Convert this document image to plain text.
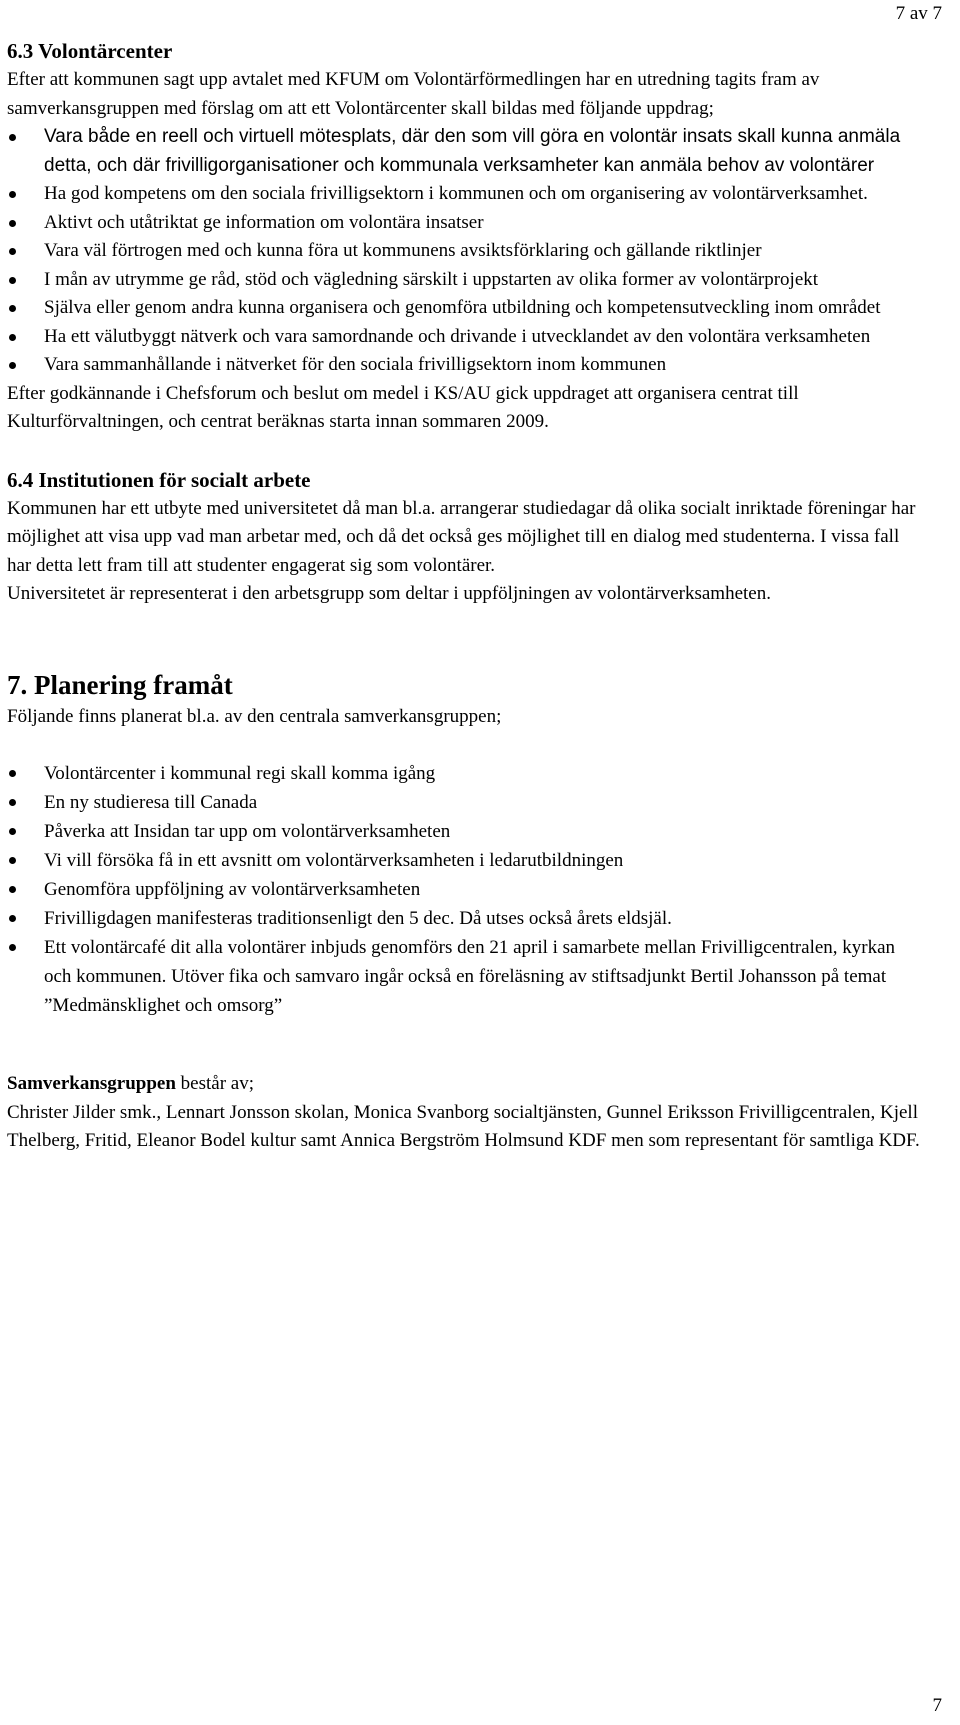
7 av 7
6.3 Volontärcenter

Efter att kommunen sagt upp avtalet med KFUM om Volontärförmedlingen har en utredning tagits fram av samverkansgruppen med förslag om att ett Volontärcenter skall bildas med följande uppdrag;

Vara både en reell och virtuell mötesplats, där den som vill göra en volontär insats skall kunna anmäla detta, och där frivilligorganisationer och kommunala verksamheter kan anmäla behov av volontärer
Ha god kompetens om den sociala frivilligsektorn i kommunen och om organisering av volontärverksamhet.
Aktivt och utåtriktat ge information om volontära insatser
Vara väl förtrogen med och kunna föra ut kommunens avsiktsförklaring och gällande riktlinjer
I mån av utrymme ge råd, stöd och vägledning särskilt i uppstarten av olika former av volontärprojekt
Själva eller genom andra kunna organisera och genomföra utbildning och kompetensutveckling inom området
Ha ett välutbyggt nätverk och vara samordnande och drivande i utvecklandet av den volontära verksamheten
Vara sammanhållande i nätverket för den sociala frivilligsektorn inom kommunen

Efter godkännande i Chefsforum och beslut om medel i KS/AU gick uppdraget att organisera centrat till Kulturförvaltningen, och centrat beräknas starta innan sommaren 2009.

6.4 Institutionen för socialt arbete

Kommunen har ett utbyte med universitetet då man bl.a. arrangerar studiedagar då olika socialt inriktade föreningar har möjlighet att visa upp vad man arbetar med, och då det också ges möjlighet till en dialog med studenterna. I vissa fall har detta lett fram till att studenter engagerat sig som volontärer.

Universitetet är representerat i den arbetsgrupp som deltar i uppföljningen av volontärverksamheten.

7. Planering framåt

Följande finns planerat bl.a. av den centrala samverkansgruppen;

Volontärcenter i kommunal regi skall komma igång
En ny studieresa till Canada
Påverka att Insidan tar upp om volontärverksamheten
Vi vill försöka få in ett avsnitt om volontärverksamheten i ledarutbildningen
Genomföra uppföljning av volontärverksamheten
Frivilligdagen manifesteras traditionsenligt den 5 dec. Då utses också årets eldsjäl.
Ett volontärcafé dit alla volontärer inbjuds genomförs den 21 april i samarbete mellan Frivilligcentralen, kyrkan och kommunen. Utöver fika och samvaro ingår också en föreläsning av stiftsadjunkt Bertil Johansson på temat ”Medmänsklighet och omsorg”

Samverkansgruppen består av;

Christer Jilder smk., Lennart Jonsson skolan, Monica Svanborg socialtjänsten, Gunnel Eriksson Frivilligcentralen, Kjell Thelberg, Fritid, Eleanor Bodel kultur samt Annica Bergström Holmsund KDF men som representant för samtliga KDF.

7
